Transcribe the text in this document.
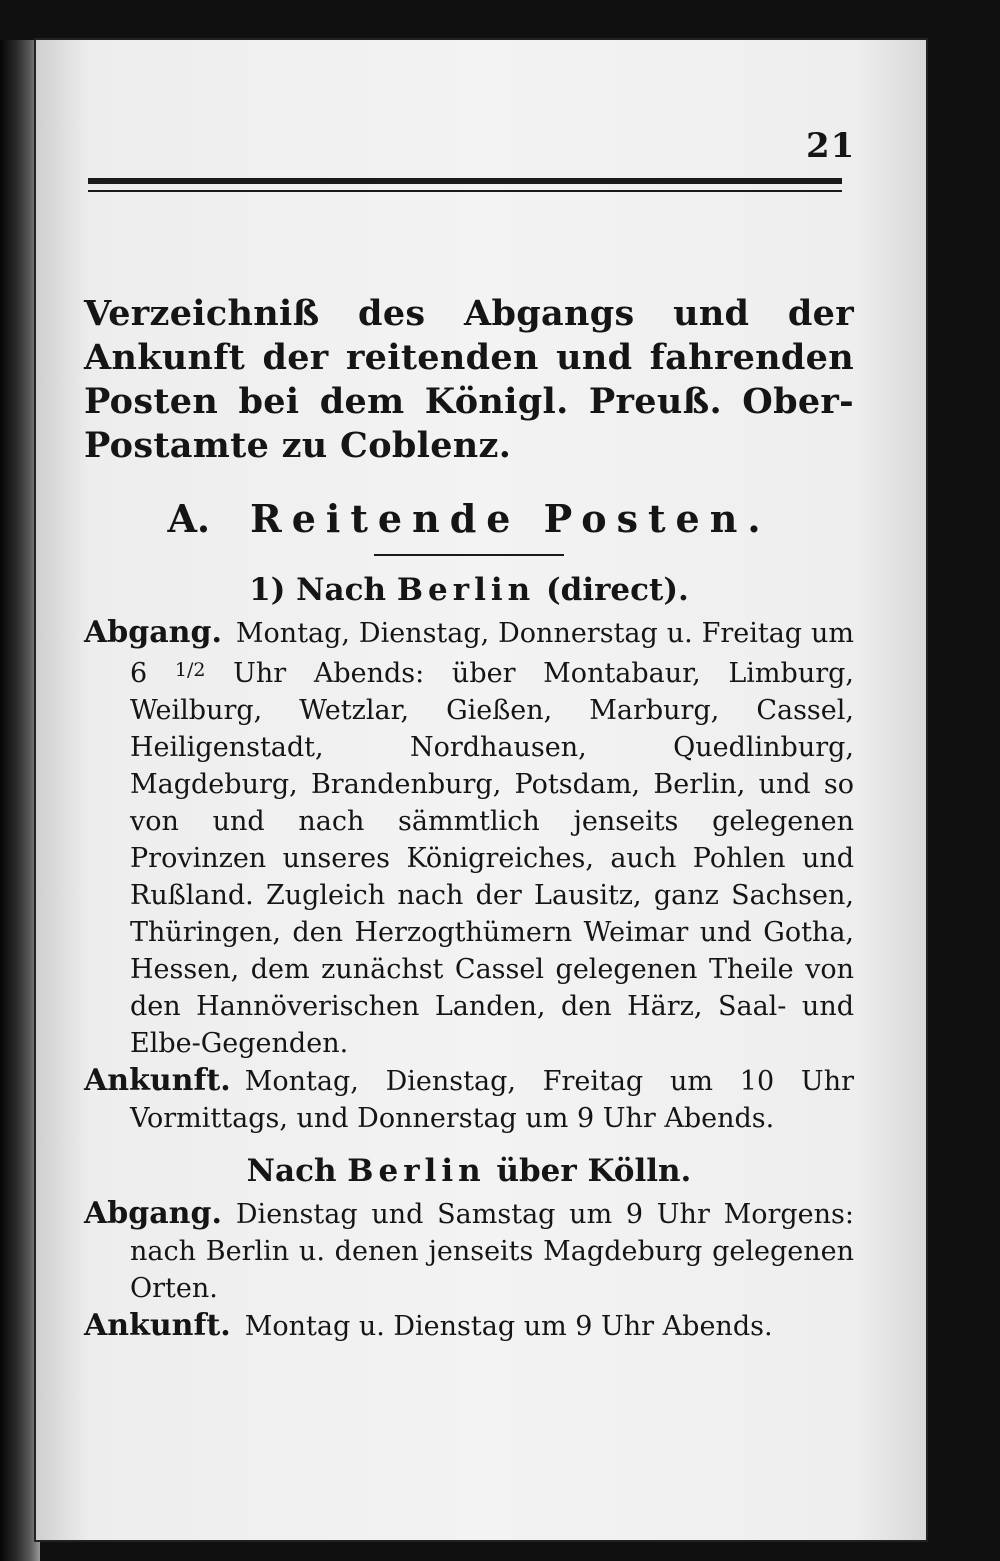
21

Verzeichniß des Abgangs und der Ankunft der reitenden und fahrenden Posten bei dem Königl. Preuß. Ober-Postamte zu Coblenz.

A. Reitende Posten.
1) Nach Berlin (direct).

Abgang. Montag, Dienstag, Donnerstag u. Freitag um 6 $^{1/2}$ Uhr Abends: über Montabaur, Limburg, Weilburg, Wetzlar, Gießen, Marburg, Cassel, Heiligenstadt, Nordhausen, Quedlinburg, Magdeburg, Brandenburg, Potsdam, Berlin, und so von und nach sämmtlich jenseits gelegenen Provinzen unseres Königreiches, auch Pohlen und Rußland. Zugleich nach der Lausitz, ganz Sachsen, Thüringen, den Herzogthümern Weimar und Gotha, Hessen, dem zunächst Cassel gelegenen Theile von den Hannöverischen Landen, den Härz, Saal- und Elbe-Gegenden.

Ankunft. Montag, Dienstag, Freitag um 10 Uhr Vormittags, und Donnerstag um 9 Uhr Abends.

Nach Berlin über Kölln.

Abgang. Dienstag und Samstag um 9 Uhr Morgens: nach Berlin u. denen jenseits Magdeburg gelegenen Orten.

Ankunft. Montag u. Dienstag um 9 Uhr Abends.
